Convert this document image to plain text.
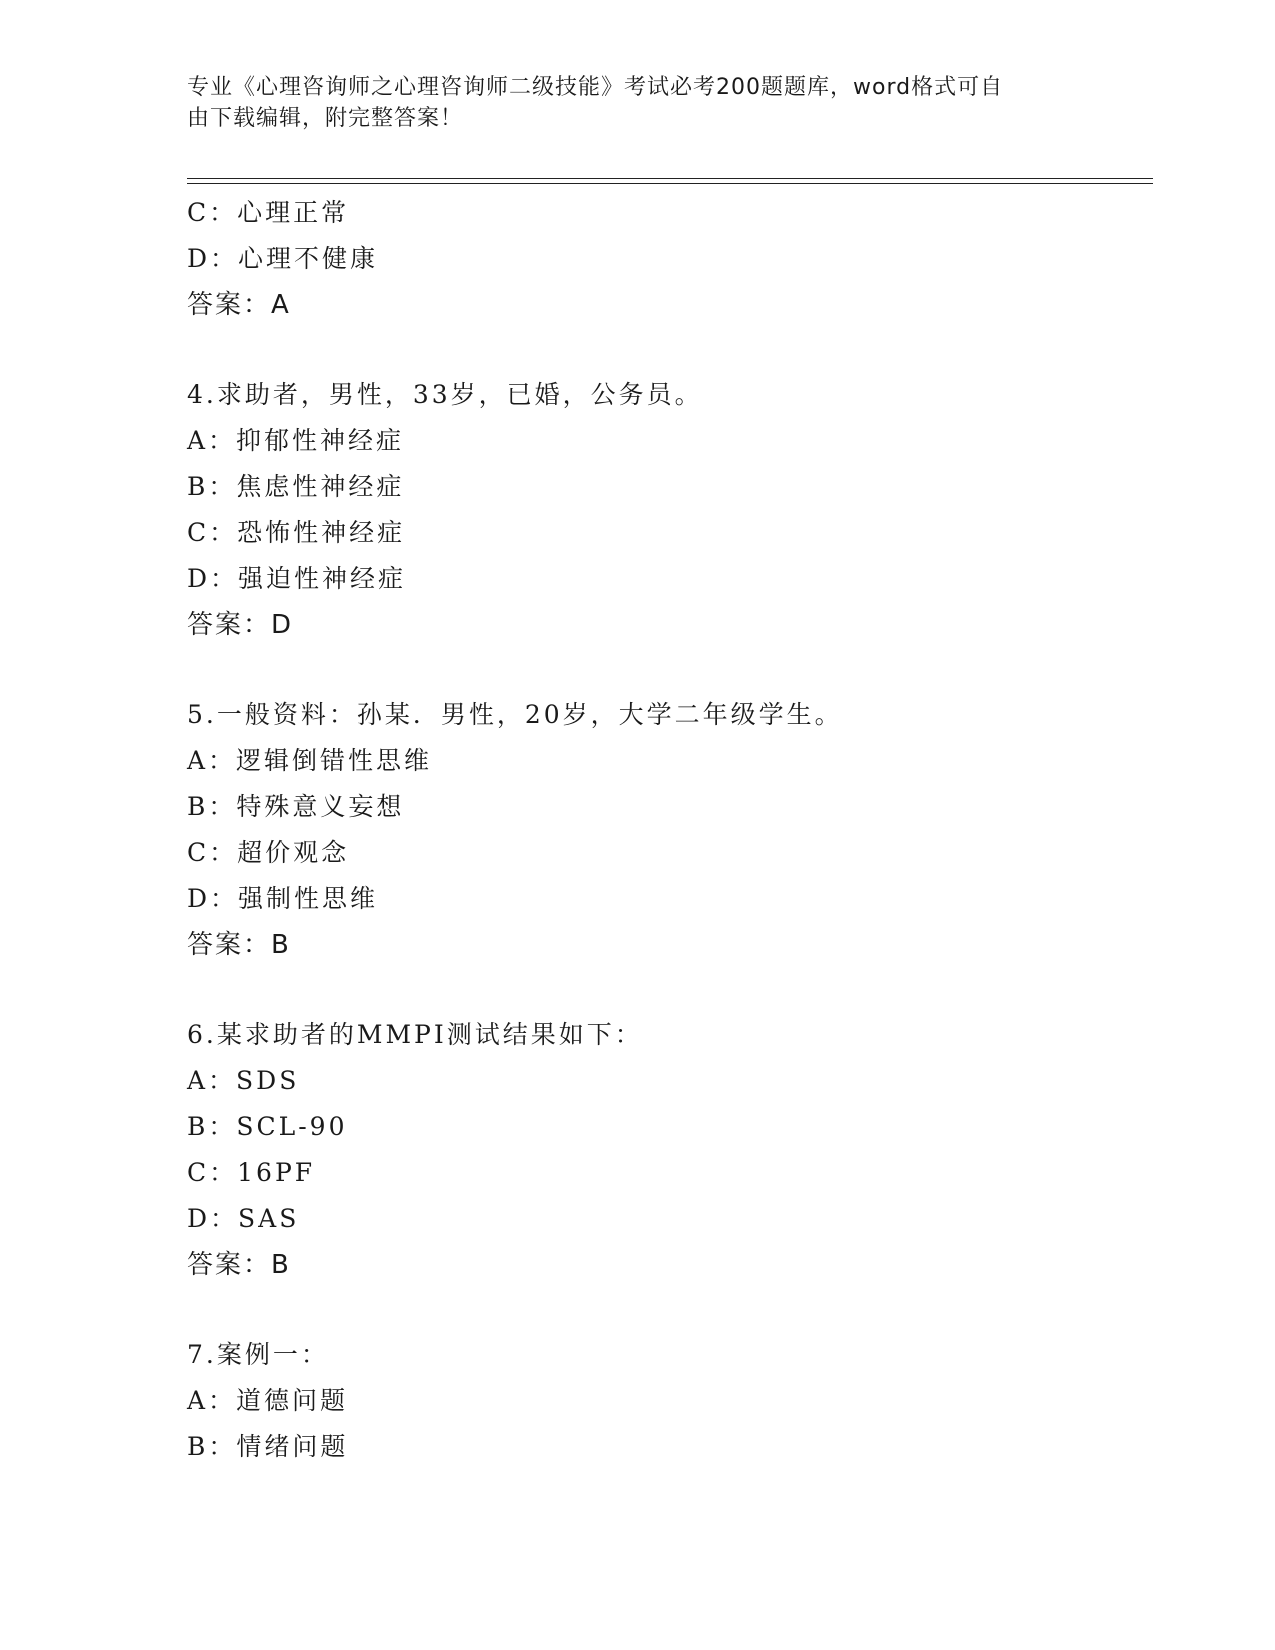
专业《心理咨询师之心理咨询师二级技能》考试必考200题题库，word格式可自
由下载编辑，附完整答案！
C：心理正常
D：心理不健康
答案：A
4.求助者，男性，33岁，已婚，公务员。
A：抑郁性神经症
B：焦虑性神经症
C：恐怖性神经症
D：强迫性神经症
答案：D
5.一般资料：孙某．男性，20岁，大学二年级学生。
A：逻辑倒错性思维
B：特殊意义妄想
C：超价观念
D：强制性思维
答案：B
6.某求助者的MMPI测试结果如下：
A：SDS
B：SCL-90
C：16PF
D：SAS
答案：B
7.案例一：
A：道德问题
B：情绪问题
